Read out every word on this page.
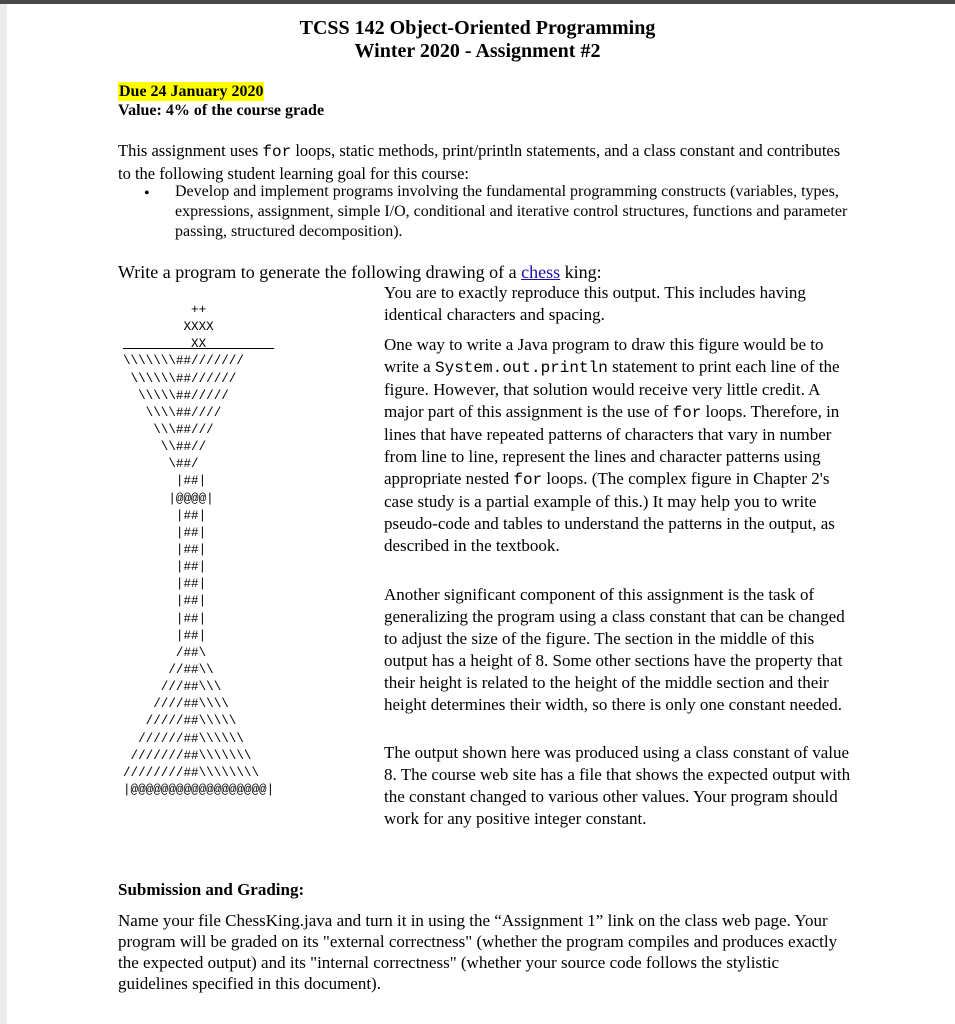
TCSS 142 Object-Oriented Programming
Winter 2020 - Assignment #2
Due 24 January 2020
Value: 4% of the course grade
This assignment uses for loops, static methods, print/println statements, and a class constant and contributes to the following student learning goal for this course:
• Develop and implement programs involving the fundamental programming constructs (variables, types, expressions, assignment, simple I/O, conditional and iterative control structures, functions and parameter passing, structured decomposition).
Write a program to generate the following drawing of a chess king:
++
XXXX
XX
\\\\\\\##///////
\\\\\\##//////
\\\\\##/////
\\\\##////
\\\##///
\\##//
\##/
|##|
|@@@@|
|##|
|##|
|##|
|##|
|##|
|##|
|##|
|##|
/##\
//##\\
///##\\\
////##\\\\
/////##\\\\\
//////##\\\\\\
///////##\\\\\\\
////////##\\\\\\\\
|@@@@@@@@@@@@@@@@@@|
You are to exactly reproduce this output. This includes having identical characters and spacing.
One way to write a Java program to draw this figure would be to write a System.out.println statement to print each line of the figure. However, that solution would receive very little credit. A major part of this assignment is the use of for loops. Therefore, in lines that have repeated patterns of characters that vary in number from line to line, represent the lines and character patterns using appropriate nested for loops. (The complex figure in Chapter 2's case study is a partial example of this.) It may help you to write pseudo-code and tables to understand the patterns in the output, as described in the textbook.
Another significant component of this assignment is the task of generalizing the program using a class constant that can be changed to adjust the size of the figure. The section in the middle of this output has a height of 8. Some other sections have the property that their height is related to the height of the middle section and their height determines their width, so there is only one constant needed.
The output shown here was produced using a class constant of value 8. The course web site has a file that shows the expected output with the constant changed to various other values. Your program should work for any positive integer constant.
Submission and Grading:
Name your file ChessKing.java and turn it in using the “Assignment 1” link on the class web page. Your program will be graded on its "external correctness" (whether the program compiles and produces exactly the expected output) and its "internal correctness" (whether your source code follows the stylistic guidelines specified in this document).
